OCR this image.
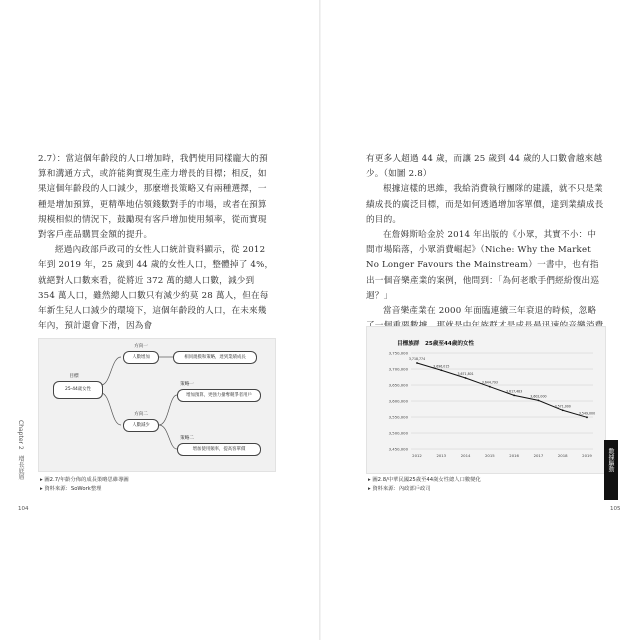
2.7）：當這個年齡段的人口增加時，我們使用同樣龐大的預算和溝通方式，或許能夠實現生產力增長的目標；相反，如果這個年齡段的人口減少，那麼增長策略又有兩種選擇，一種是增加預算，更精準地佔領錢數對手的市場，或者在預算規模相似的情況下，鼓勵現有客戶增加使用頻率，從而實現對客戶產品購買金額的提升。

經過內政部戶政司的女性人口統計資料顯示，從 2012 年到 2019 年，25 歲到 44 歲的女性人口，整體掉了 4%，就絕對人口數來看，從將近 372 萬的總人口數，減少到 354 萬人口，雖然總人口數只有減少約莫 28 萬人，但在每年新生兒人口減少的環境下，這個年齡段的人口，在未來幾年內，預計還會下滑，因為會

目標
25-44歲女性
方向一
人數增加	相同規模和策略，達到業績成長
方向二
人數減少
策略一
增加預算，更強力搶奪競爭者用戶
策略二
增加使用頻率，提高客單價
▸ 圖2.7/年齡分佈的成長策略思維導圖
▸ 資料來源：SoWork整理
Chapter 2　增長底層
104

有更多人超過 44 歲，而讓 25 歲到 44 歲的人口數會越來越少。（如圖 2.8）

根據這樣的思維，我給消費執行團隊的建議，就不只是業績成長的廣泛目標，而是如何透過增加客單價，達到業績成長的目的。

在詹姆斯哈金於 2014 年出版的《小眾，其實不小：中間市場陷落，小眾消費崛起》（Niche: Why the Market No Longer Favours the Mainstream）一書中，也有指出一個音樂產業的案例，他問到：「為何老歌手們經紛復出巡迴？」

當音樂產業在 2000 年面臨連續三年衰退的時候，忽略

目標族群　25歲至44歲的女性
3,750,000
3,700,000
3,650,000
3,600,000
3,550,000
3,500,000
3,450,000
2012	2013	2014	2015	2016	2017	2018	2019
3,718,774
3,696,015
3,671,801
3,644,793
3,617,483
3,602,000
3,571,000
3,549,000
▸ 圖2.8/中華民國25歲至44歲女性總人口數變化
▸ 資料來源：內政部戶政司
數據驅動
105
